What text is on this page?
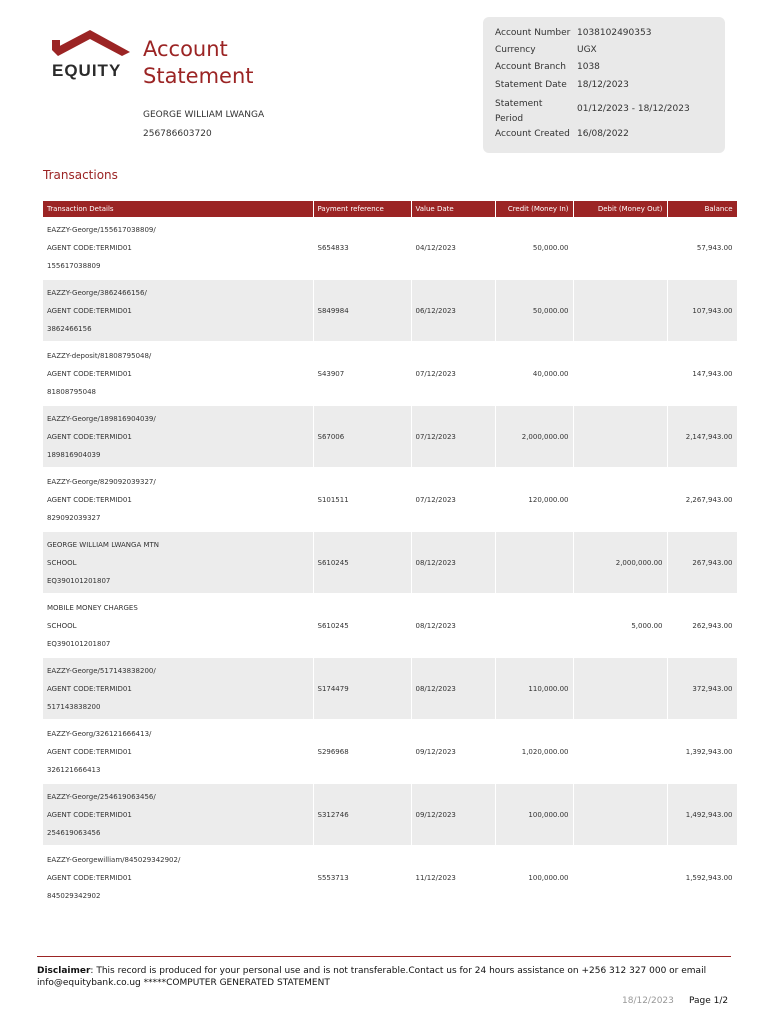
EQUITY
Account
Statement
GEORGE WILLIAM LWANGA
256786603720
Account Number 1038102490353
Currency	UGX
Account Branch	1038
Statement Date	18/12/2023
Statement Period
01/12/2023 - 18/12/2023
Account Created 16/08/2022
Transactions
Transaction Details	Payment reference	Value Date	Credit (Money In)	Debit (Money Out)	Balance

EAZZY-George/155617038809/
AGENT CODE:TERMID01
155617038809	S654833	04/12/2023	50,000.00		57,943.00

EAZZY-George/3862466156/
AGENT CODE:TERMID01
3862466156	S849984	06/12/2023	50,000.00		107,943.00

EAZZY-deposit/81808795048/
AGENT CODE:TERMID01
81808795048	S43907	07/12/2023	40,000.00		147,943.00

EAZZY-George/189816904039/
AGENT CODE:TERMID01
189816904039	S67006	07/12/2023	2,000,000.00		2,147,943.00

EAZZY-George/829092039327/
AGENT CODE:TERMID01
829092039327	S101511	07/12/2023	120,000.00		2,267,943.00

GEORGE WILLIAM LWANGA MTN
SCHOOL
EQ390101201807	S610245	08/12/2023		2,000,000.00	267,943.00

MOBILE MONEY CHARGES
SCHOOL
EQ390101201807	S610245	08/12/2023		5,000.00	262,943.00

EAZZY-George/517143838200/
AGENT CODE:TERMID01
517143838200	S174479	08/12/2023	110,000.00		372,943.00

EAZZY-Georg/326121666413/
AGENT CODE:TERMID01
326121666413	S296968	09/12/2023	1,020,000.00		1,392,943.00

EAZZY-George/254619063456/
AGENT CODE:TERMID01
254619063456	S312746	09/12/2023	100,000.00		1,492,943.00

EAZZY-Georgewilliam/845029342902/
AGENT CODE:TERMID01
845029342902	S553713	11/12/2023	100,000.00		1,592,943.00
Disclaimer: This record is produced for your personal use and is not transferable.Contact us for 24 hours assistance on +256 312 327 000 or email info@equitybank.co.ug *****COMPUTER GENERATED STATEMENT
18/12/2023 Page 1/2
